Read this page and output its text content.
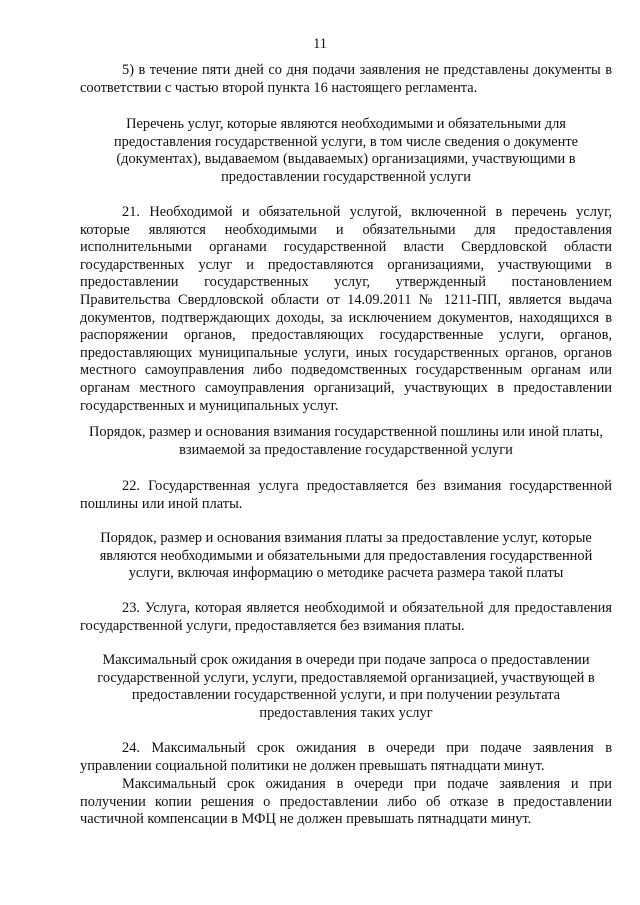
11

5) в течение пяти дней со дня подачи заявления не представлены документы в соответствии с частью второй пункта 16 настоящего регламента.

Перечень услуг, которые являются необходимыми и обязательными для предоставления государственной услуги, в том числе сведения о документе (документах), выдаваемом (выдаваемых) организациями, участвующими в предоставлении государственной услуги

21. Необходимой и обязательной услугой, включенной в перечень услуг, которые являются необходимыми и обязательными для предоставления исполнительными органами государственной власти Свердловской области государственных услуг и предоставляются организациями, участвующими в предоставлении государственных услуг, утвержденный постановлением Правительства Свердловской области от 14.09.2011 № 1211-ПП, является выдача документов, подтверждающих доходы, за исключением документов, находящихся в распоряжении органов, предоставляющих государственные услуги, органов, предоставляющих муниципальные услуги, иных государственных органов, органов местного самоуправления либо подведомственных государственным органам или органам местного самоуправления организаций, участвующих в предоставлении государственных и муниципальных услуг.

Порядок, размер и основания взимания государственной пошлины или иной платы, взимаемой за предоставление государственной услуги

22. Государственная услуга предоставляется без взимания государственной пошлины или иной платы.

Порядок, размер и основания взимания платы за предоставление услуг, которые являются необходимыми и обязательными для предоставления государственной услуги, включая информацию о методике расчета размера такой платы

23. Услуга, которая является необходимой и обязательной для предоставления государственной услуги, предоставляется без взимания платы.

Максимальный срок ожидания в очереди при подаче запроса о предоставлении государственной услуги, услуги, предоставляемой организацией, участвующей в предоставлении государственной услуги, и при получении результата предоставления таких услуг

24. Максимальный срок ожидания в очереди при подаче заявления в управлении социальной политики не должен превышать пятнадцати минут.

Максимальный срок ожидания в очереди при подаче заявления и при получении копии решения о предоставлении либо об отказе в предоставлении частичной компенсации в МФЦ не должен превышать пятнадцати минут.
